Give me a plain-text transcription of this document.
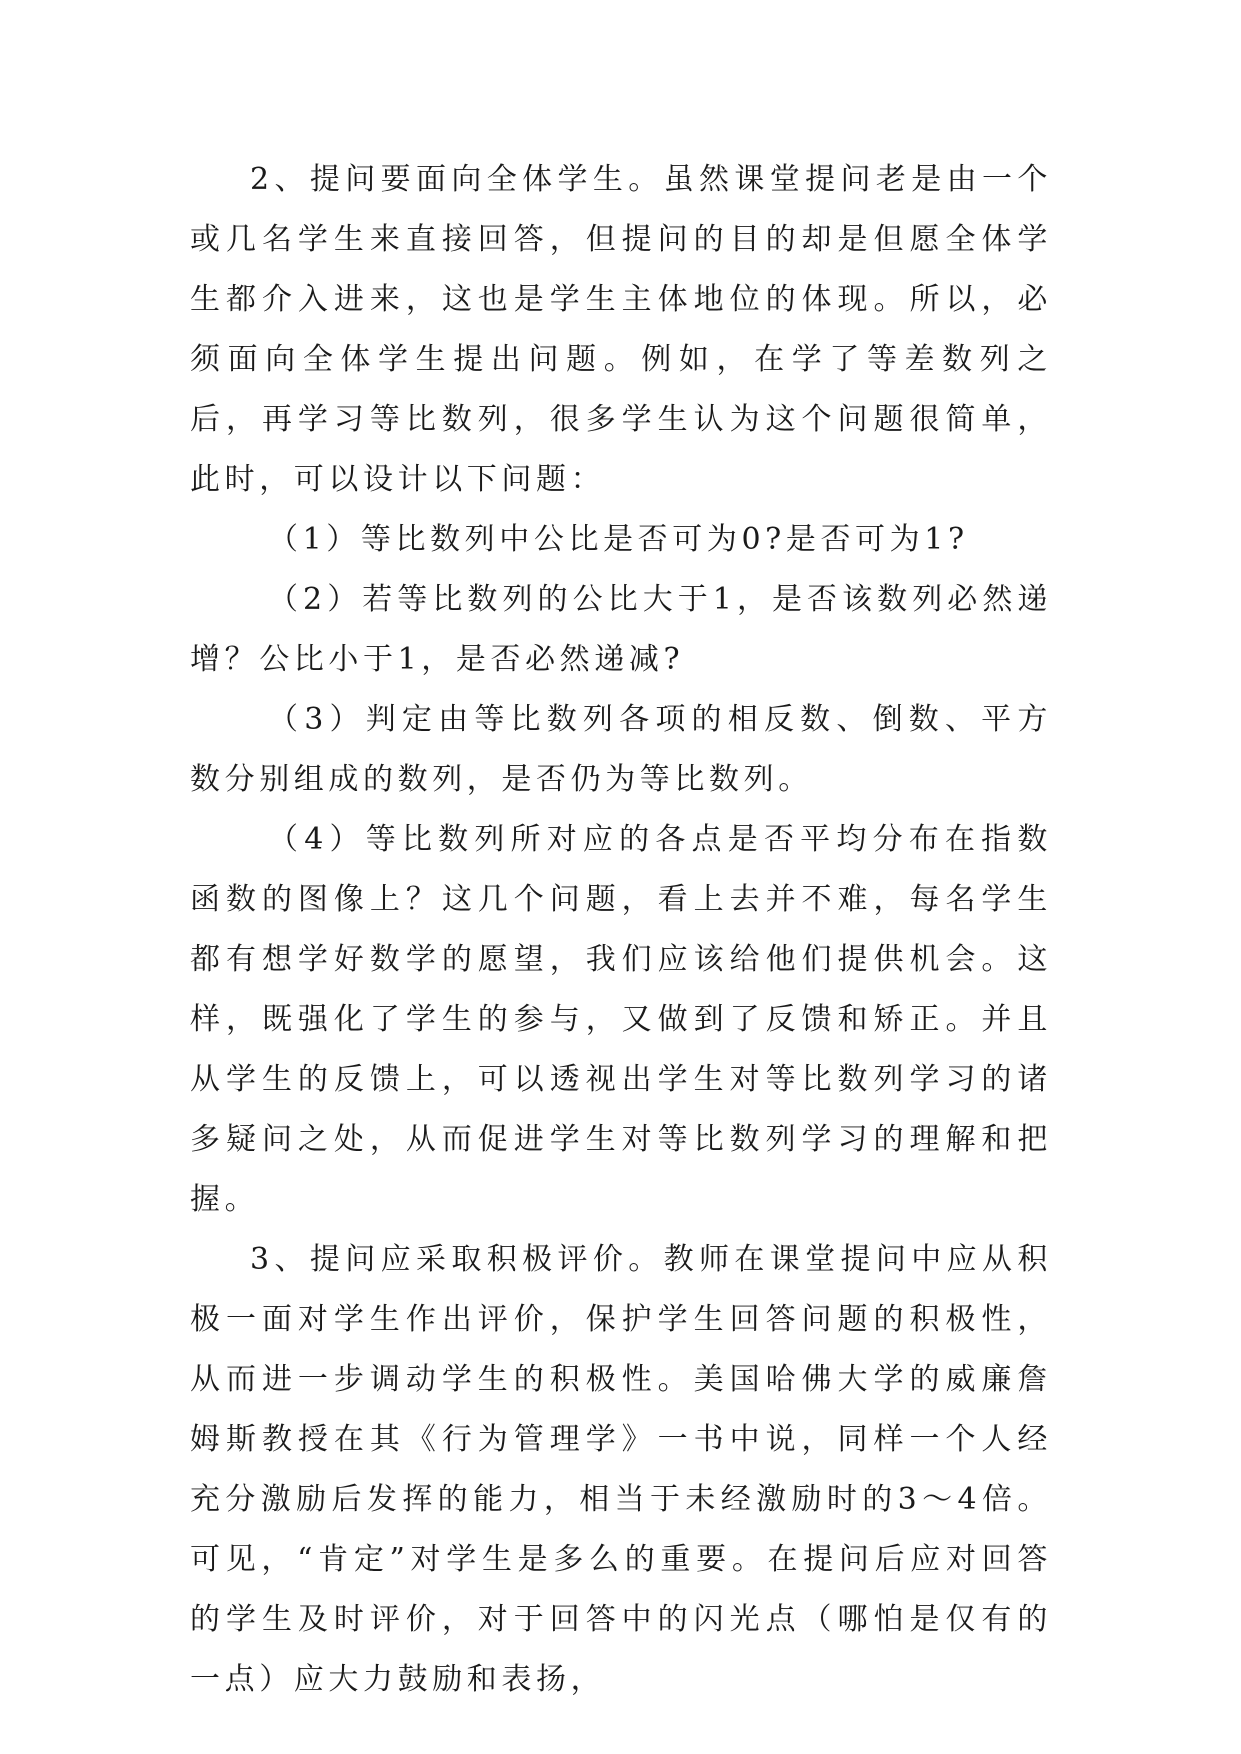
2、提问要面向全体学生。虽然课堂提问老是由一个或几名学生来直接回答，但提问的目的却是但愿全体学生都介入进来，这也是学生主体地位的体现。所以，必须面向全体学生提出问题。例如，在学了等差数列之后，再学习等比数列，很多学生认为这个问题很简单，此时，可以设计以下问题：

（1）等比数列中公比是否可为0?是否可为1?

（2）若等比数列的公比大于1，是否该数列必然递增？公比小于1，是否必然递减?

（3）判定由等比数列各项的相反数、倒数、平方数分别组成的数列，是否仍为等比数列。

（4）等比数列所对应的各点是否平均分布在指数函数的图像上？这几个问题，看上去并不难，每名学生都有想学好数学的愿望，我们应该给他们提供机会。这样，既强化了学生的参与，又做到了反馈和矫正。并且从学生的反馈上，可以透视出学生对等比数列学习的诸多疑问之处，从而促进学生对等比数列学习的理解和把握。

3、提问应采取积极评价。教师在课堂提问中应从积极一面对学生作出评价，保护学生回答问题的积极性，从而进一步调动学生的积极性。美国哈佛大学的威廉詹姆斯教授在其《行为管理学》一书中说，同样一个人经充分激励后发挥的能力，相当于未经激励时的3～4倍。可见，“肯定”对学生是多么的重要。在提问后应对回答的学生及时评价，对于回答中的闪光点（哪怕是仅有的一点）应大力鼓励和表扬，
